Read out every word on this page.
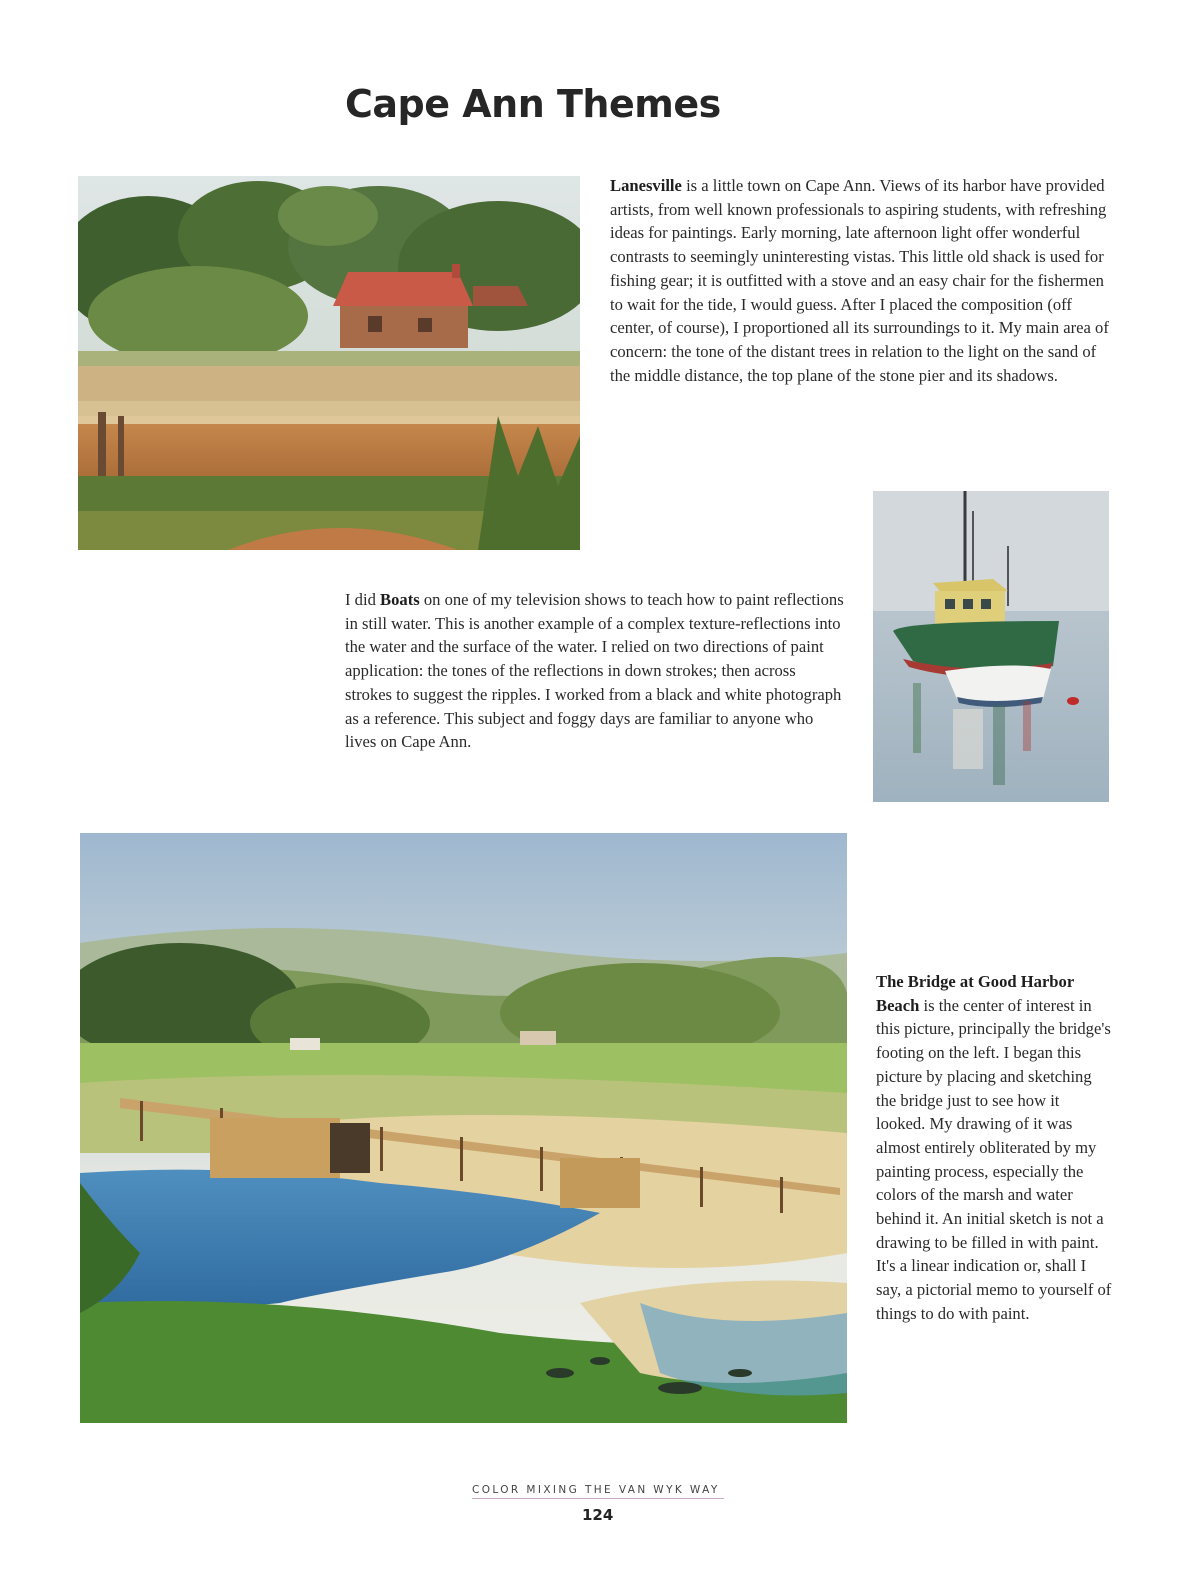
Cape Ann Themes

Lanesville is a little town on Cape Ann. Views of its harbor have provided artists, from well known professionals to aspiring students, with refreshing ideas for paintings. Early morning, late afternoon light offer wonderful contrasts to seemingly uninteresting vistas. This little old shack is used for fishing gear; it is outfitted with a stove and an easy chair for the fishermen to wait for the tide, I would guess. After I placed the composition (off center, of course), I proportioned all its surroundings to it. My main area of concern: the tone of the distant trees in relation to the light on the sand of the middle distance, the top plane of the stone pier and its shadows.

I did Boats on one of my television shows to teach how to paint reflections in still water. This is another example of a complex texture-reflections into the water and the surface of the water. I relied on two directions of paint application: the tones of the reflections in down strokes; then across strokes to suggest the ripples. I worked from a black and white photograph as a reference. This subject and foggy days are familiar to anyone who lives on Cape Ann.

The Bridge at Good Harbor Beach is the center of interest in this picture, principally the bridge's footing on the left. I began this picture by placing and sketching the bridge just to see how it looked. My drawing of it was almost entirely obliterated by my painting process, especially the colors of the marsh and water behind it. An initial sketch is not a drawing to be filled in with paint. It's a linear indication or, shall I say, a pictorial memo to yourself of things to do with paint.

COLOR MIXING THE VAN WYK WAY

124
